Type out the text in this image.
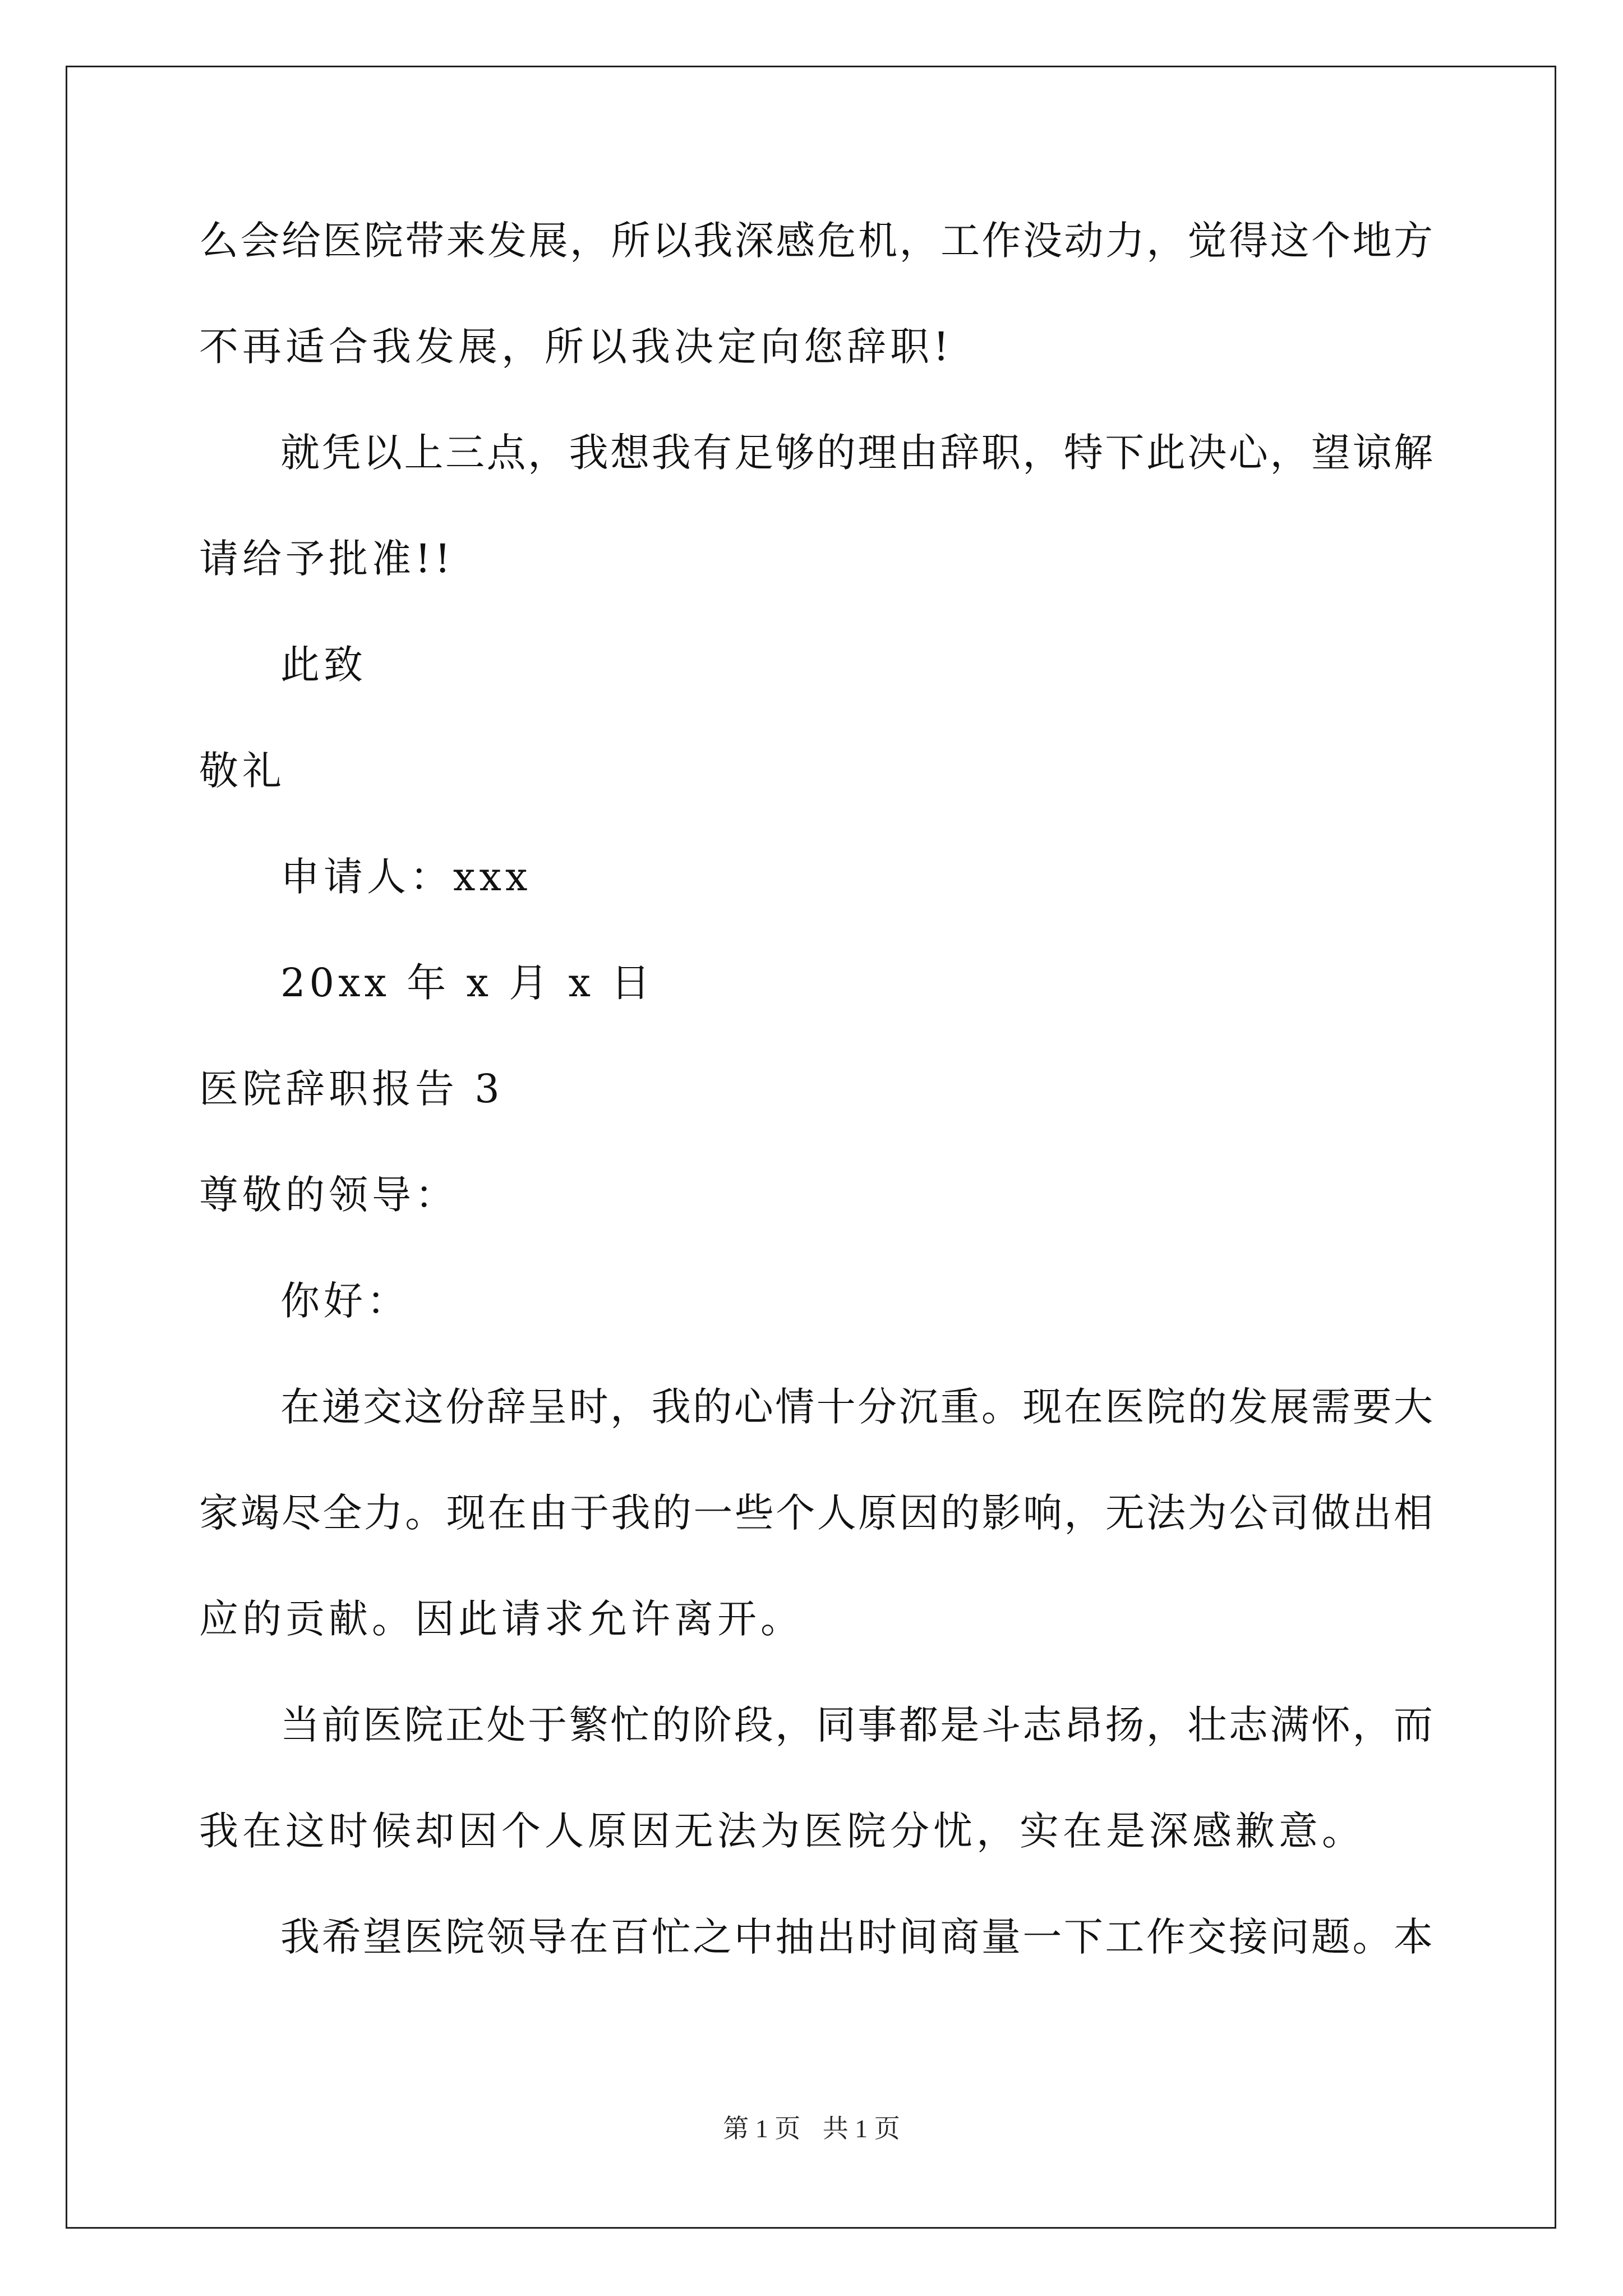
么会给医院带来发展，所以我深感危机，工作没动力，觉得这个地方
不再适合我发展，所以我决定向您辞职!
就凭以上三点，我想我有足够的理由辞职，特下此决心，望谅解
请给予批准!!
此致
敬礼
申请人：xxx
20xx 年 x 月 x 日
医院辞职报告 3
尊敬的领导：
你好：
在递交这份辞呈时，我的心情十分沉重。现在医院的发展需要大
家竭尽全力。现在由于我的一些个人原因的影响，无法为公司做出相
应的贡献。因此请求允许离开。
当前医院正处于繁忙的阶段，同事都是斗志昂扬，壮志满怀，而
我在这时候却因个人原因无法为医院分忧，实在是深感歉意。
我希望医院领导在百忙之中抽出时间商量一下工作交接问题。本
第 1 页 共 1 页
